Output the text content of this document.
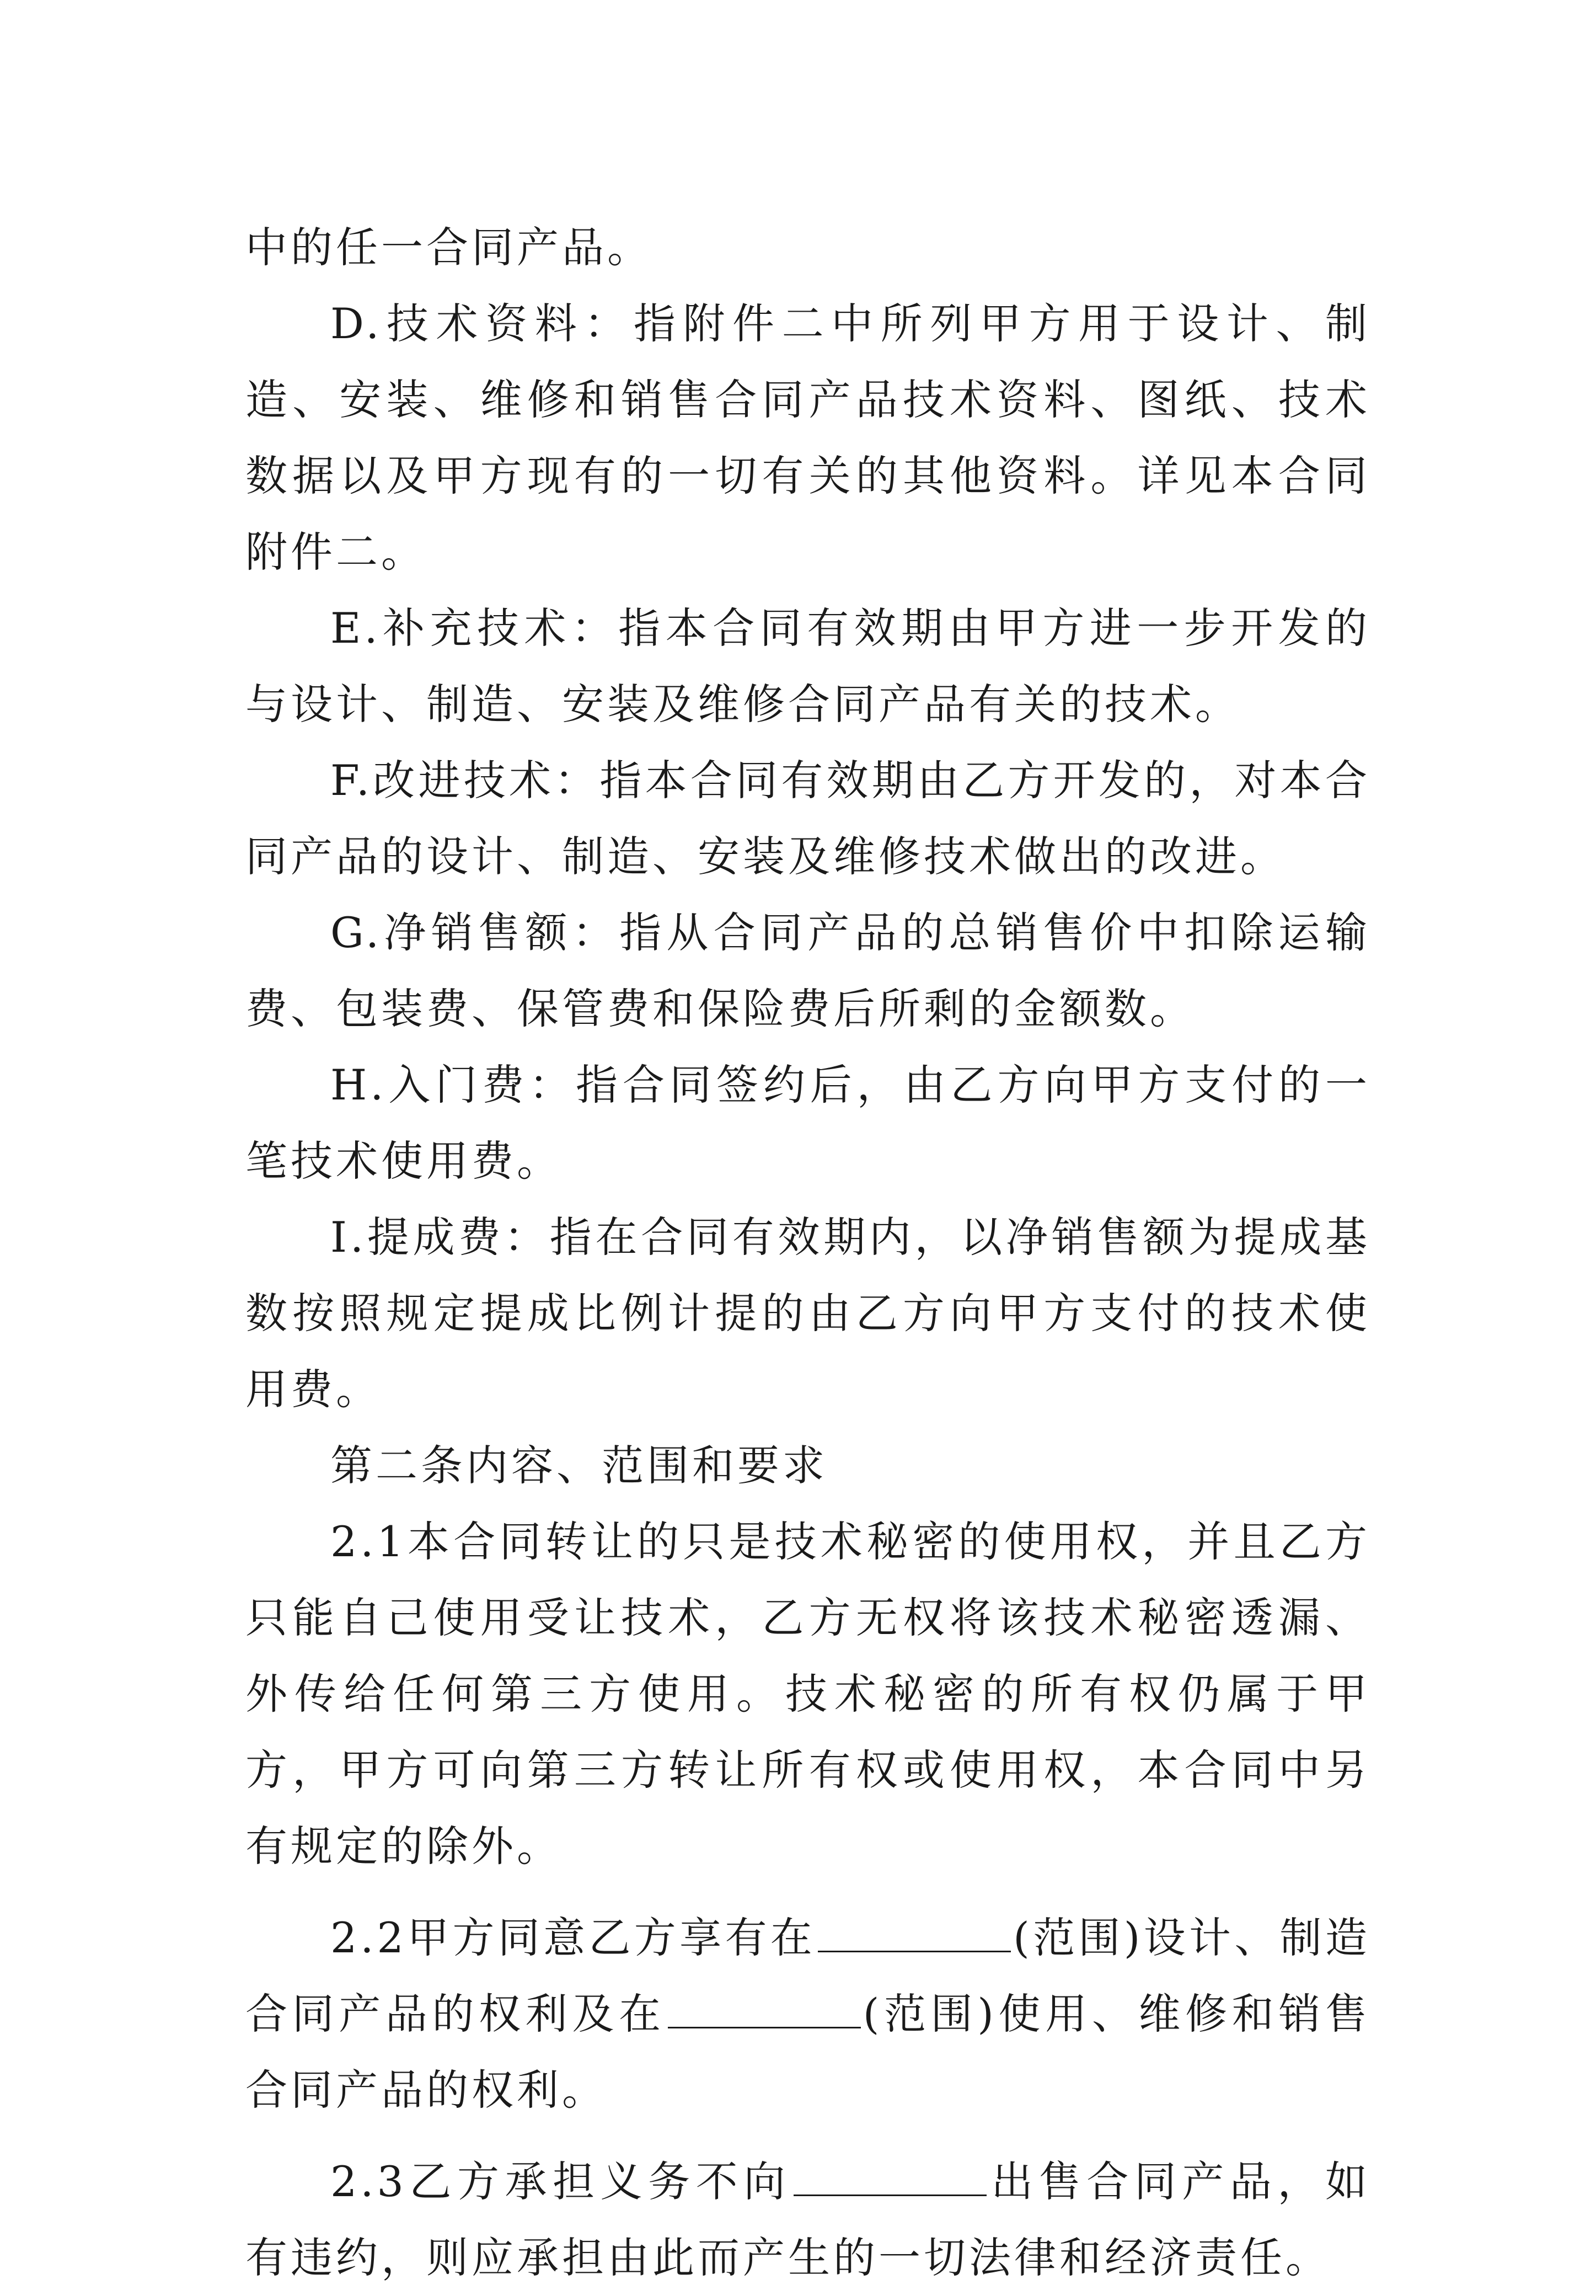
中的任一合同产品。

D.技术资料：指附件二中所列甲方用于设计、制造、安装、维修和销售合同产品技术资料、图纸、技术数据以及甲方现有的一切有关的其他资料。详见本合同附件二。

E.补充技术：指本合同有效期由甲方进一步开发的与设计、制造、安装及维修合同产品有关的技术。

F.改进技术：指本合同有效期由乙方开发的，对本合同产品的设计、制造、安装及维修技术做出的改进。

G.净销售额：指从合同产品的总销售价中扣除运输费、包装费、保管费和保险费后所剩的金额数。

H.入门费：指合同签约后，由乙方向甲方支付的一笔技术使用费。

I.提成费：指在合同有效期内，以净销售额为提成基数按照规定提成比例计提的由乙方向甲方支付的技术使用费。

第二条内容、范围和要求

2.1本合同转让的只是技术秘密的使用权，并且乙方只能自己使用受让技术，乙方无权将该技术秘密透漏、外传给任何第三方使用。技术秘密的所有权仍属于甲方，甲方可向第三方转让所有权或使用权，本合同中另有规定的除外。

2.2甲方同意乙方享有在	(范围)设计、制造合同产品的权利及在	(范围)使用、维修和销售合同产品的权利。

2.3乙方承担义务不向	出售合同产品，如有违约，则应承担由此而产生的一切法律和经济责任。
